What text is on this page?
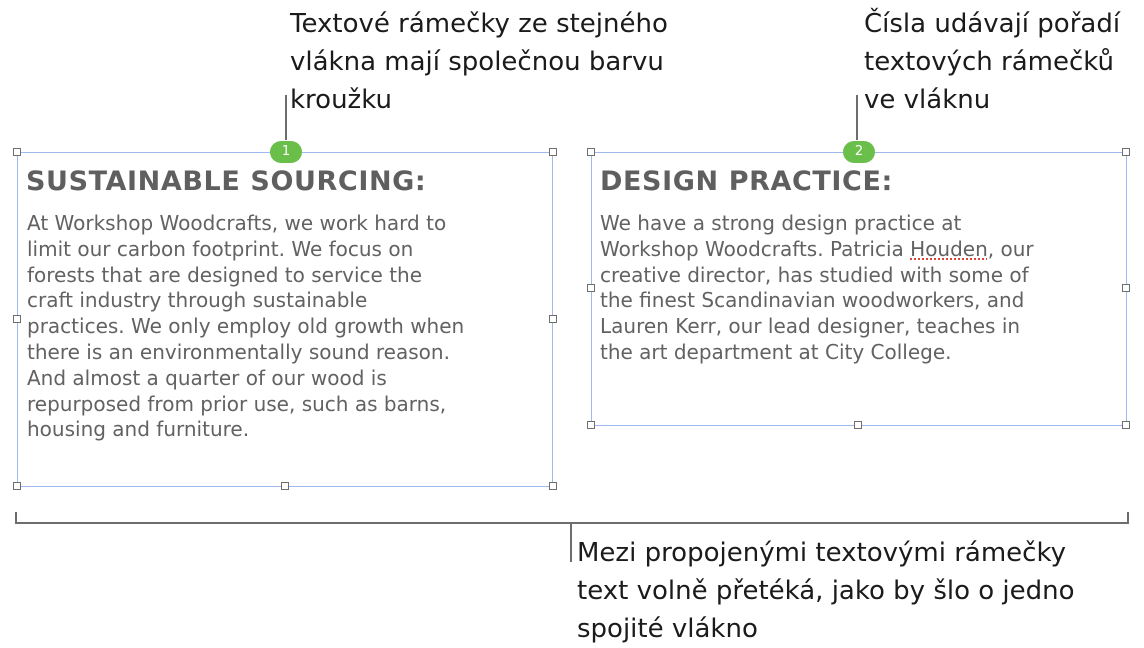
Textové rámečky ze stejného
vlákna mají společnou barvu
kroužku
Čísla udávají pořadí
textových rámečků
ve vláknu
Mezi propojenými textovými rámečky
text volně přetéká, jako by šlo o jedno
spojité vlákno
SUSTAINABLE SOURCING:
At Workshop Woodcrafts, we work hard to
limit our carbon footprint. We focus on
forests that are designed to service the
craft industry through sustainable
practices. We only employ old growth when
there is an environmentally sound reason.
And almost a quarter of our wood is
repurposed from prior use, such as barns,
housing and furniture.
1
DESIGN PRACTICE:
We have a strong design practice at
Workshop Woodcrafts. Patricia Houden, our
creative director, has studied with some of
the finest Scandinavian woodworkers, and
Lauren Kerr, our lead designer, teaches in
the art department at City College.
2
